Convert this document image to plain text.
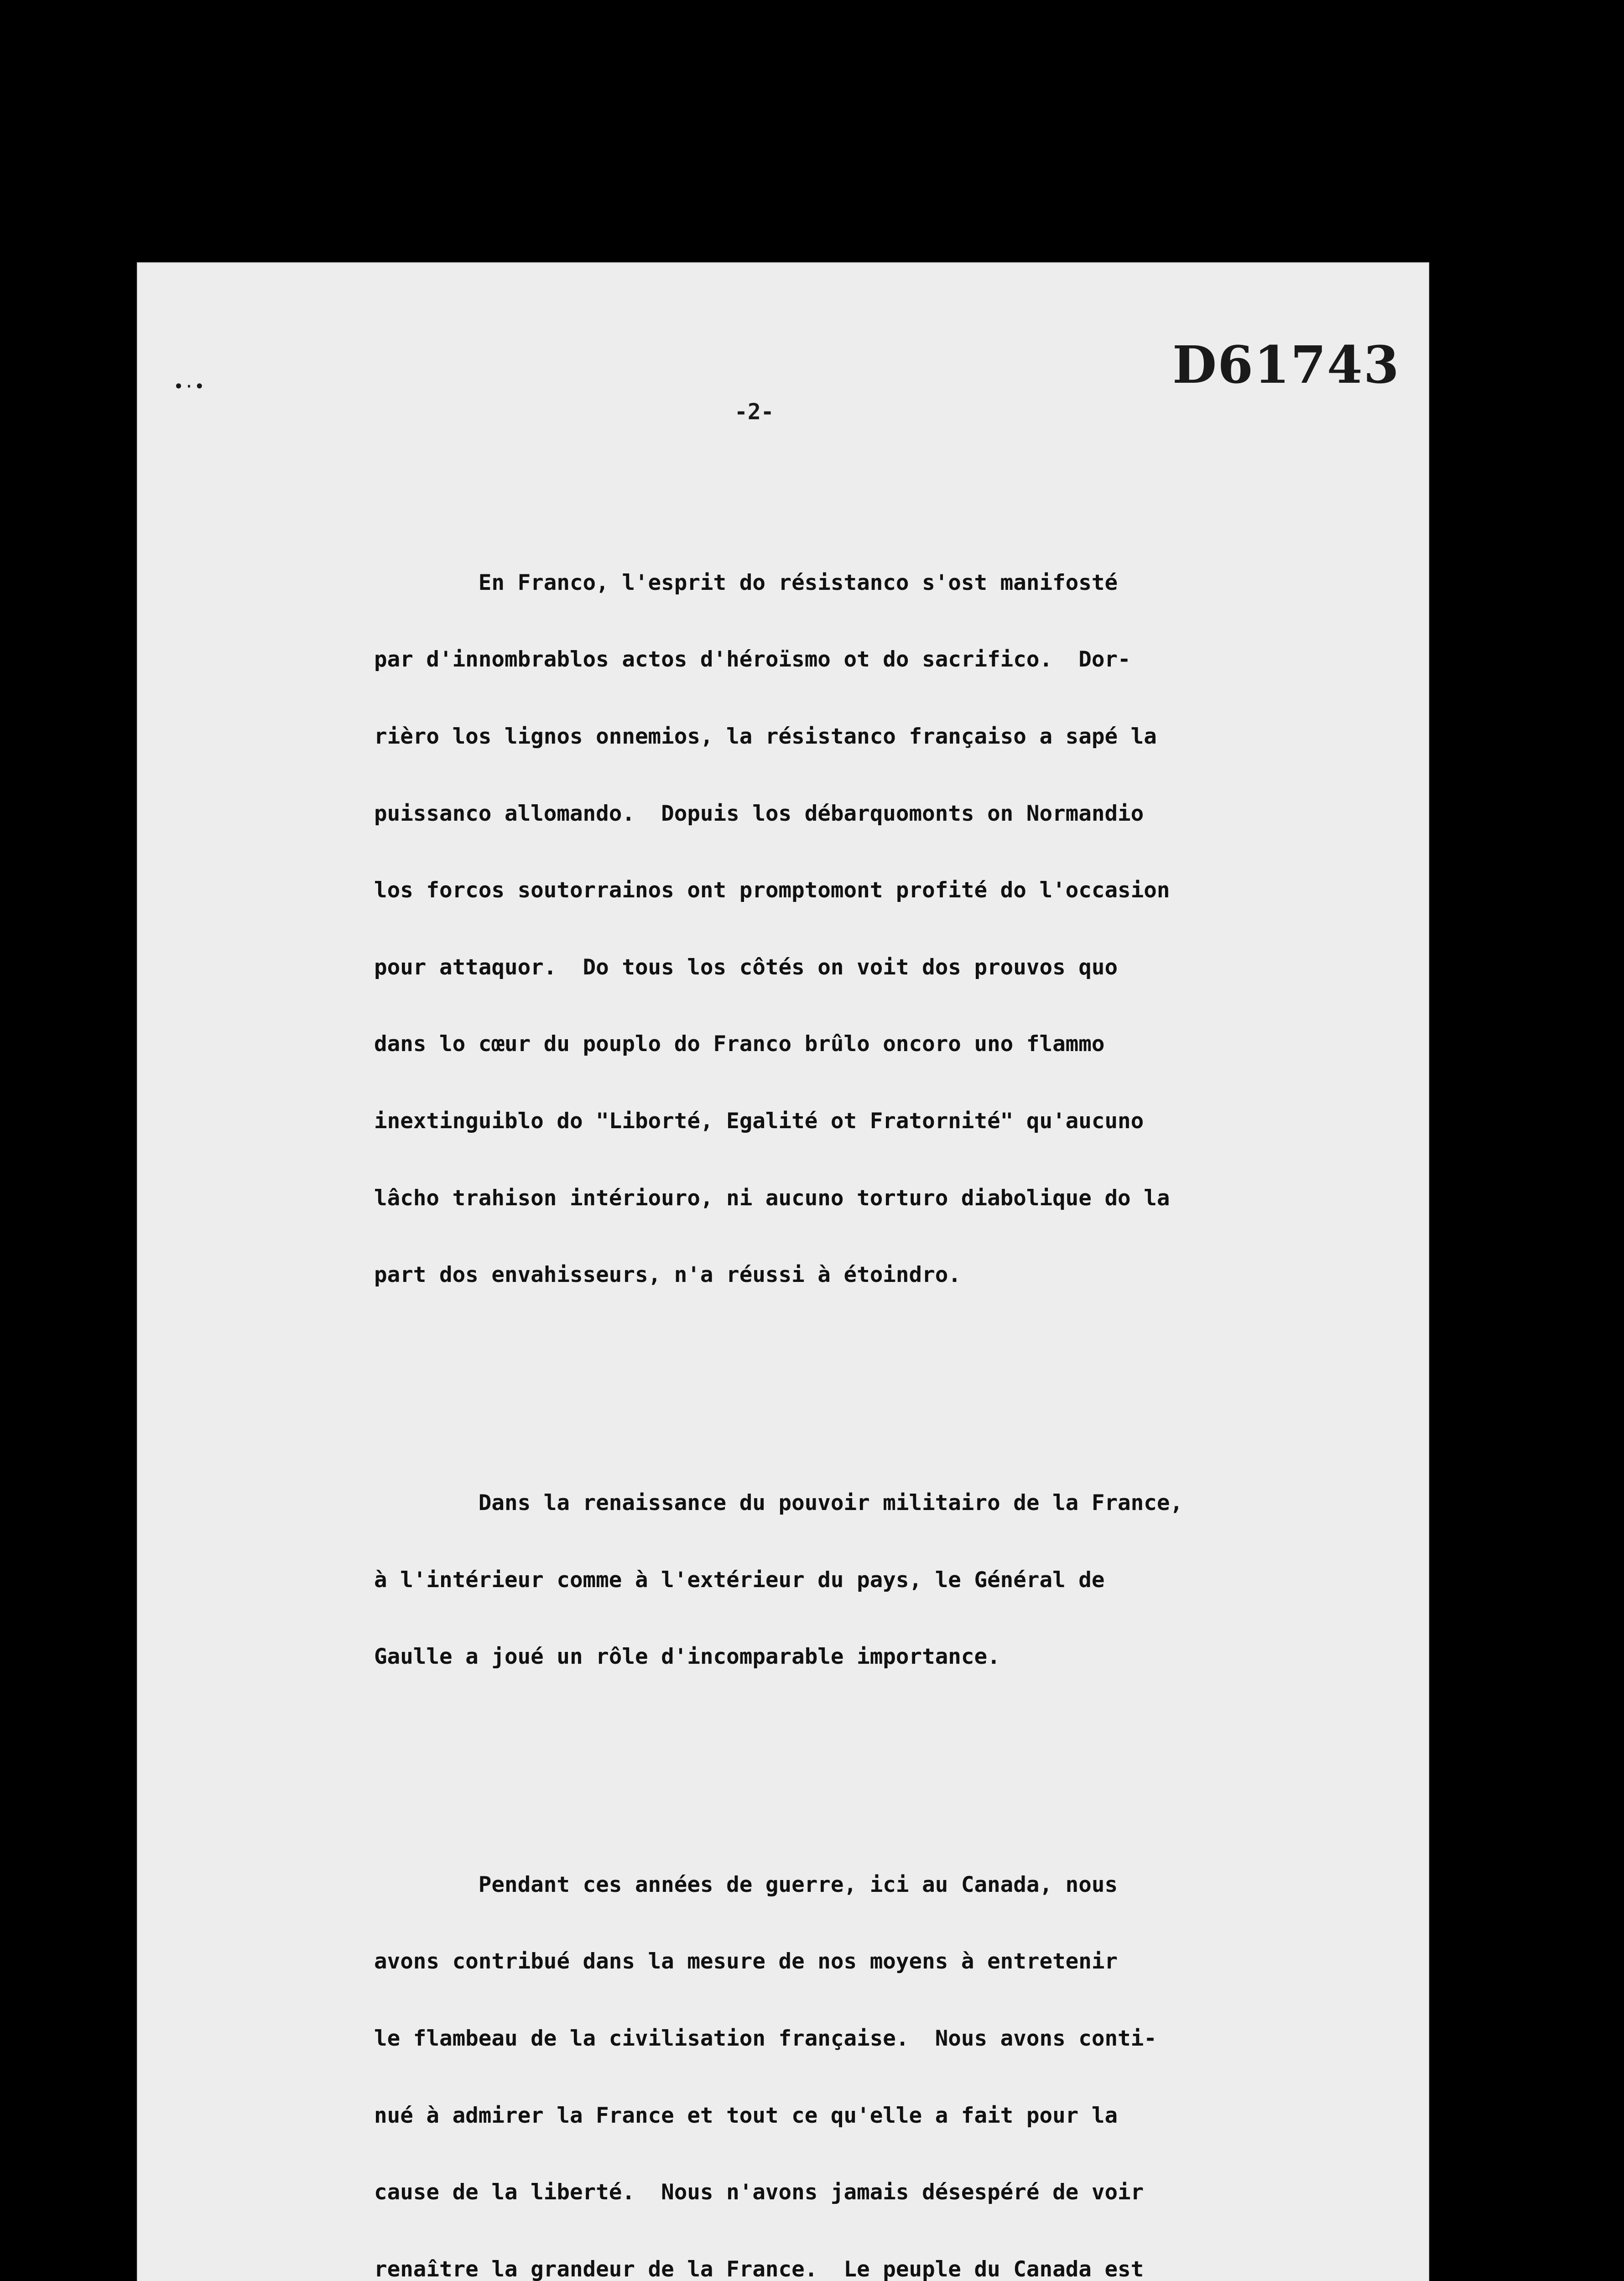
D61743
-2-

En Franco, l'esprit do résistanco s'ost manifosté

par d'innombrablos actos d'héroïsmo ot do sacrifico.  Dor-

rièro los lignos onnemios, la résistanco françaiso a sapé la

puissanco allomando.  Dopuis los débarquomonts on Normandio

los forcos soutorrainos ont promptomont profité do l'occasion

pour attaquor.  Do tous los côtés on voit dos prouvos quo

dans lo cœur du pouplo do Franco brûlo oncoro uno flammo

inextinguiblo do "Liborté, Egalité ot Fratornité" qu'aucuno

lâcho trahison intériouro, ni aucuno torturo diabolique do la

part dos envahisseurs, n'a réussi à étoindro.

Dans la renaissance du pouvoir militairo de la France,

à l'intérieur comme à l'extérieur du pays, le Général de

Gaulle a joué un rôle d'incomparable importance.

Pendant ces années de guerre, ici au Canada, nous

avons contribué dans la mesure de nos moyens à entretenir

le flambeau de la civilisation française.  Nous avons conti-

nué à admirer la France et tout ce qu'elle a fait pour la

cause de la liberté.  Nous n'avons jamais désespéré de voir

renaître la grandeur de la France.  Le peuple du Canada est

•·•
